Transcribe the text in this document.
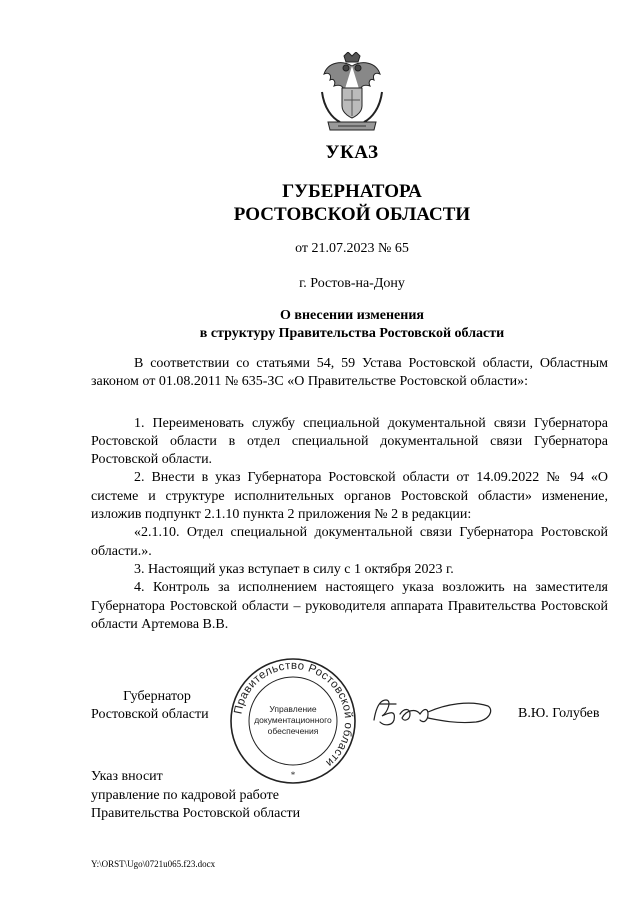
УКАЗ
ГУБЕРНАТОРА
РОСТОВСКОЙ ОБЛАСТИ
от 21.07.2023 № 65
г. Ростов-на-Дону
О внесении изменения
в структуру Правительства Ростовской области

В соответствии со статьями 54, 59 Устава Ростовской области, Областным законом от 01.08.2011 № 635-ЗС «О Правительстве Ростовской области»:

1. Переименовать службу специальной документальной связи Губернатора Ростовской области в отдел специальной документальной связи Губернатора Ростовской области.

2. Внести в указ Губернатора Ростовской области от 14.09.2022 № 94 «О системе и структуре исполнительных органов Ростовской области» изменение, изложив подпункт 2.1.10 пункта 2 приложения № 2 в редакции:

«2.1.10. Отдел специальной документальной связи Губернатора Ростовской области.».

3. Настоящий указ вступает в силу с 1 октября 2023 г.

4. Контроль за исполнением настоящего указа возложить на заместителя Губернатора Ростовской области – руководителя аппарата Правительства Ростовской области Артемова В.В.

Губернатор
Ростовской области	В.Ю. Голубев
Правительство Ростовской области
Управление
документационного
обеспечения
*
Указ вносит
управление по кадровой работе
Правительства Ростовской области
Y:\ORST\Ugo\0721u065.f23.docx
